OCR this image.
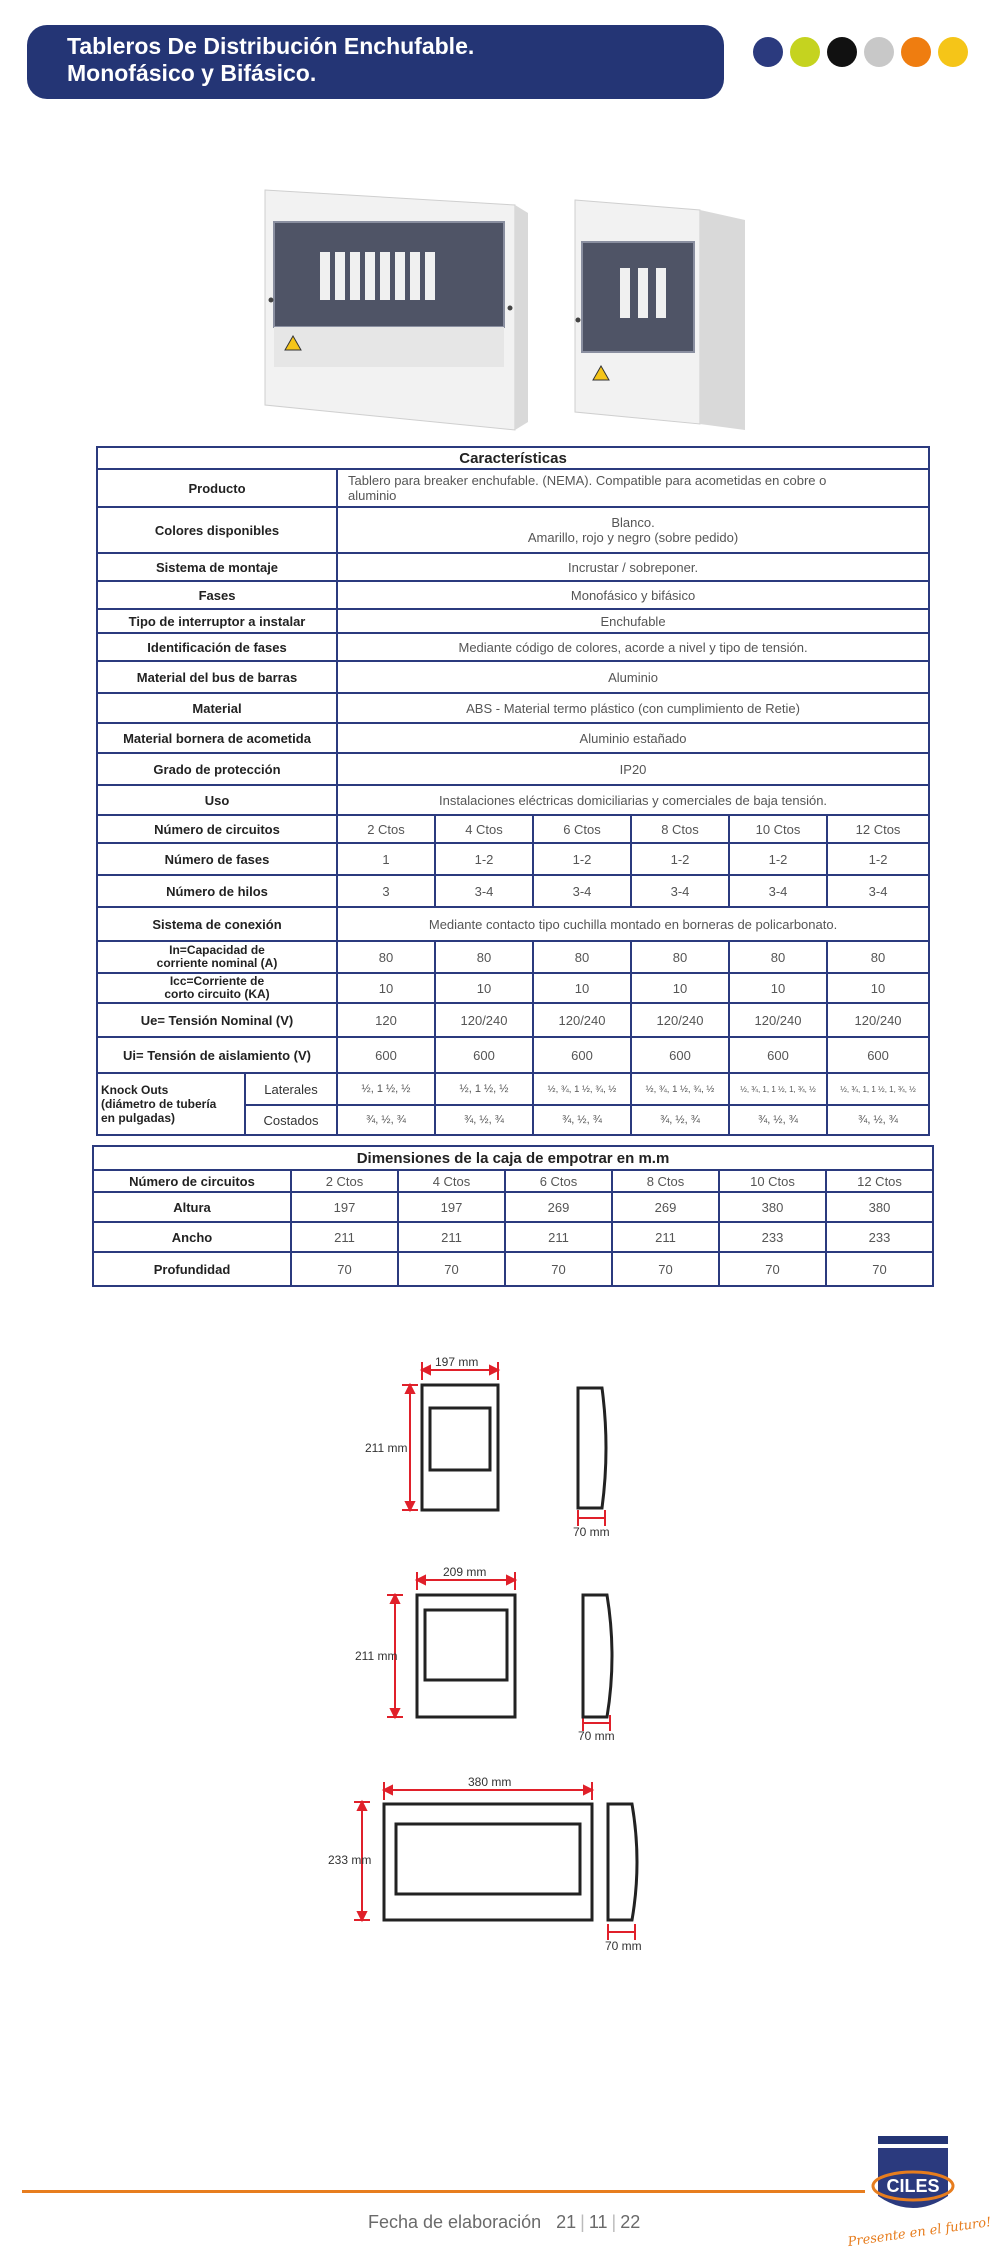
Tableros De Distribución Enchufable.
Monofásico y Bifásico.
Características							
Producto		Tablero para breaker enchufable. (NEMA). Compatible para acometidas en cobre o aluminio					
Colores disponibles		Blanco.
Amarillo, rojo y negro (sobre pedido)					

Sistema de montaje		Incrustar / sobreponer.					
Fases		Monofásico y bifásico					
Tipo de interruptor a instalar		Enchufable					
Identificación de fases		Mediante código de colores, acorde a nivel y tipo de tensión.					
Material del bus de barras		Aluminio					
Material		ABS - Material termo plástico (con cumplimiento de Retie)					
Material bornera de acometida		Aluminio estañado					
Grado de protección		IP20					
Uso		Instalaciones eléctricas domiciliarias y comerciales de baja tensión.					
Número de circuitos		2 Ctos	4 Ctos	6 Ctos	8 Ctos	10 Ctos	12 Ctos
Número de fases		1	1-2	1-2	1-2	1-2	1-2
Número de hilos		3	3-4	3-4	3-4	3-4	3-4
Sistema de conexión		Mediante contacto tipo cuchilla montado en borneras de policarbonato.					

In=Capacidad de
corriente nominal (A)		80	80	80	80	80	80

Icc=Corriente de
corto circuito (KA)		10	10	10	10	10	10
Ue= Tensión Nominal (V)		120	120/240	120/240	120/240	120/240	120/240
Ui= Tensión de aislamiento (V)		600	600	600	600	600	600

Knock Outs
(diámetro de tubería
en pulgadas)	Laterales	½, 1 ½, ½	½, 1 ½, ½	½, ¾, 1 ½, ¾, ½	½, ¾, 1 ½, ¾, ½	½, ¾, 1, 1 ½, 1, ¾, ½	½, ¾, 1, 1 ½, 1, ¾, ½
	Costados	¾, ½, ¾	¾, ½, ¾	¾, ½, ¾	¾, ½, ¾	¾, ½, ¾	¾, ½, ¾
Dimensiones de la caja de empotrar en m.m						
Número de circuitos	2 Ctos	4 Ctos	6 Ctos	8 Ctos	10 Ctos	12 Ctos
Altura	197	197	269	269	380	380
Ancho	211	211	211	211	233	233
Profundidad	70	70	70	70	70	70
197 mm
211 mm
70 mm
209 mm
211 mm
70 mm
380 mm
233 mm
70 mm
Fecha de elaboración 21 | 11 | 22
CILES
Presente en el futuro!
